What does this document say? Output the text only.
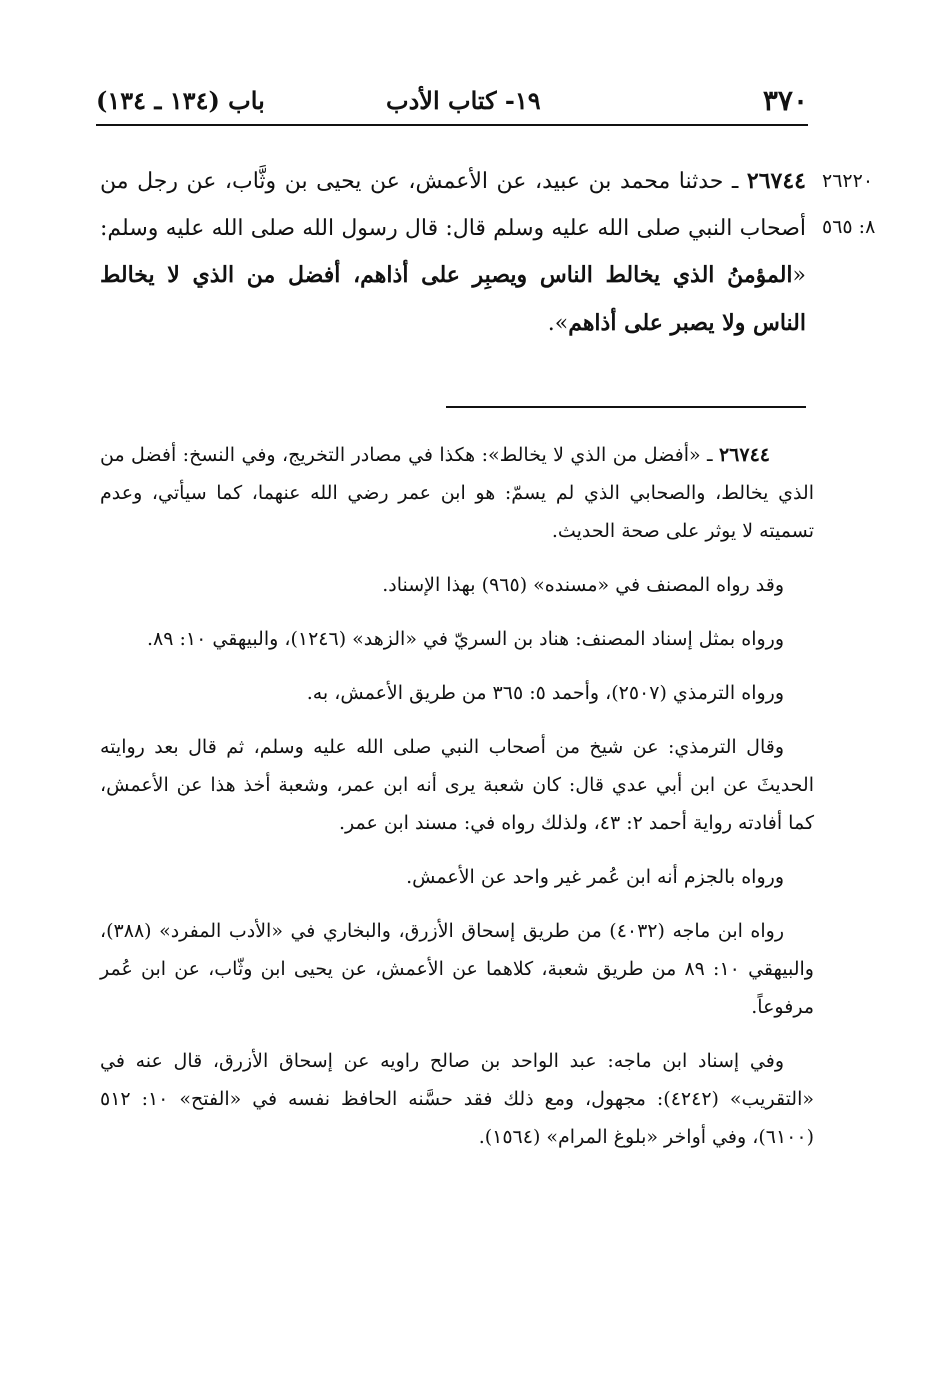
٣٧٠
١٩- كتاب الأدب
باب (١٣٤ ـ ١٣٤)
٢٦٢٢٠
٨: ٥٦٥
٢٦٧٤٤ ـ حدثنا محمد بن عبيد، عن الأعمش، عن يحيى بن وثَّاب، عن رجل من أصحاب النبي صلى الله عليه وسلم قال: قال رسول الله صلى الله عليه وسلم: «المؤمنُ الذي يخالط الناس ويصبِر على أذاهم، أفضل من الذي لا يخالط الناس ولا يصبر على أذاهم».

٢٦٧٤٤ ـ «أفضل من الذي لا يخالط»: هكذا في مصادر التخريج، وفي النسخ: أفضل من الذي يخالط، والصحابي الذي لم يسمّ: هو ابن عمر رضي الله عنهما، كما سيأتي، وعدم تسميته لا يوثر على صحة الحديث.

وقد رواه المصنف في «مسنده» (٩٦٥) بهذا الإسناد.

ورواه بمثل إسناد المصنف: هناد بن السريّ في «الزهد» (١٢٤٦)، والبيهقي ١٠: ٨٩.

ورواه الترمذي (٢٥٠٧)، وأحمد ٥: ٣٦٥ من طريق الأعمش، به.

وقال الترمذي: عن شيخ من أصحاب النبي صلى الله عليه وسلم، ثم قال بعد روايته الحديثَ عن ابن أبي عدي قال: كان شعبة يرى أنه ابن عمر، وشعبة أخذ هذا عن الأعمش، كما أفادته رواية أحمد ٢: ٤٣، ولذلك رواه في: مسند ابن عمر.

ورواه بالجزم أنه ابن عُمر غير واحد عن الأعمش.

رواه ابن ماجه (٤٠٣٢) من طريق إسحاق الأزرق، والبخاري في «الأدب المفرد» (٣٨٨)، والبيهقي ١٠: ٨٩ من طريق شعبة، كلاهما عن الأعمش، عن يحيى ابن وثّاب، عن ابن عُمر مرفوعاً.

وفي إسناد ابن ماجه: عبد الواحد بن صالح راويه عن إسحاق الأزرق، قال عنه في «التقريب» (٤٢٤٢): مجهول، ومع ذلك فقد حسَّنه الحافظ نفسه في «الفتح» ١٠: ٥١٢ (٦١٠٠)، وفي أواخر «بلوغ المرام» (١٥٦٤).
